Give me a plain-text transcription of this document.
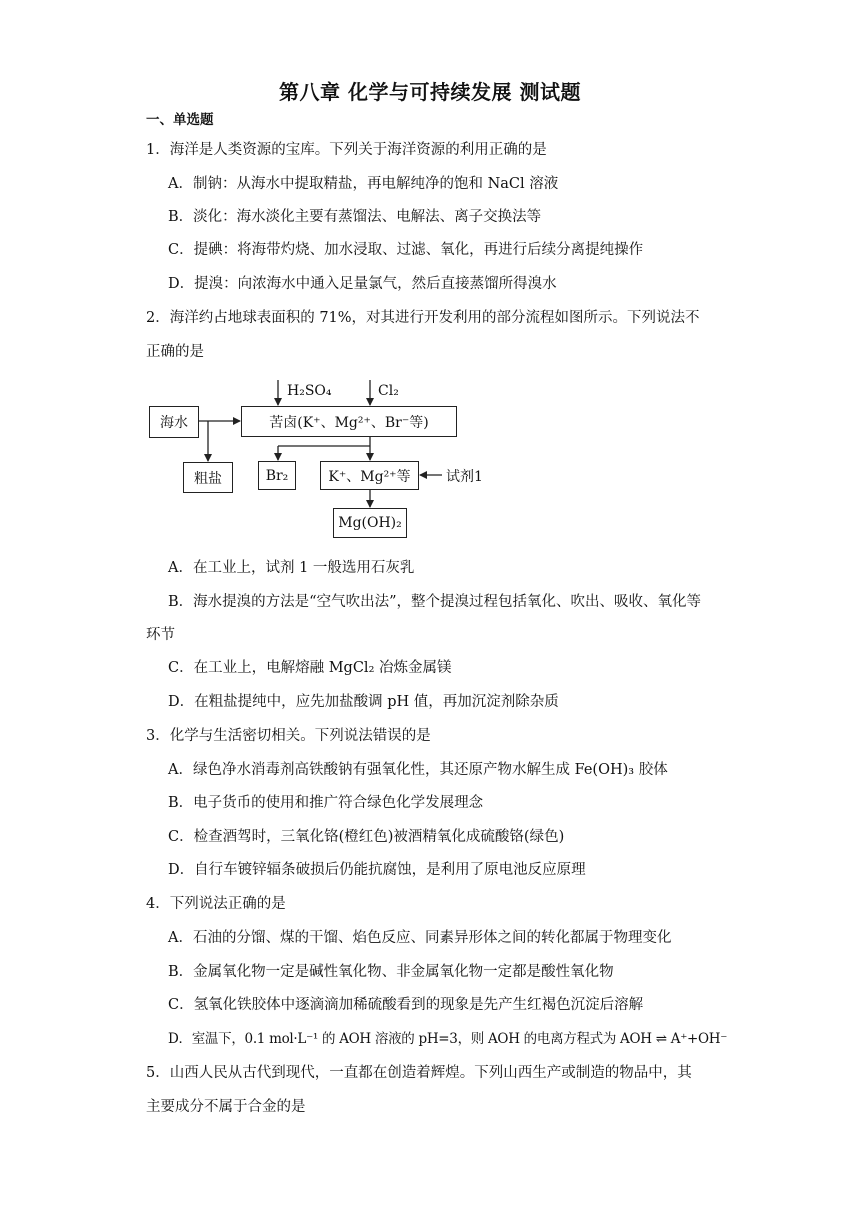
第八章 化学与可持续发展 测试题
一、单选题
1．海洋是人类资源的宝库。下列关于海洋资源的利用正确的是
A．制钠：从海水中提取精盐，再电解纯净的饱和 NaCl 溶液
B．淡化：海水淡化主要有蒸馏法、电解法、离子交换法等
C．提碘：将海带灼烧、加水浸取、过滤、氧化，再进行后续分离提纯操作
D．提溴：向浓海水中通入足量氯气，然后直接蒸馏所得溴水
2．海洋约占地球表面积的 71%，对其进行开发利用的部分流程如图所示。下列说法不
正确的是
H₂SO₄	Cl₂
海水	苦卤(K⁺、Mg²⁺、Br⁻等)
粗盐	Br₂	K⁺、Mg²⁺等	试剂1
Mg(OH)₂
A．在工业上，试剂 1 一般选用石灰乳
B．海水提溴的方法是“空气吹出法”，整个提溴过程包括氧化、吹出、吸收、氧化等
环节
C．在工业上，电解熔融 MgCl₂ 冶炼金属镁
D．在粗盐提纯中，应先加盐酸调 pH 值，再加沉淀剂除杂质
3．化学与生活密切相关。下列说法错误的是
A．绿色净水消毒剂高铁酸钠有强氧化性，其还原产物水解生成 Fe(OH)₃ 胶体
B．电子货币的使用和推广符合绿色化学发展理念
C．检查酒驾时，三氧化铬(橙红色)被酒精氧化成硫酸铬(绿色)
D．自行车镀锌辐条破损后仍能抗腐蚀，是利用了原电池反应原理
4．下列说法正确的是
A．石油的分馏、煤的干馏、焰色反应、同素异形体之间的转化都属于物理变化
B．金属氧化物一定是碱性氧化物、非金属氧化物一定都是酸性氧化物
C．氢氧化铁胶体中逐滴滴加稀硫酸看到的现象是先产生红褐色沉淀后溶解
D．室温下，0.1 mol·L⁻¹ 的 AOH 溶液的 pH=3，则 AOH 的电离方程式为 AOH ⇌ A⁺+OH⁻
5．山西人民从古代到现代，一直都在创造着辉煌。下列山西生产或制造的物品中，其
主要成分不属于合金的是
